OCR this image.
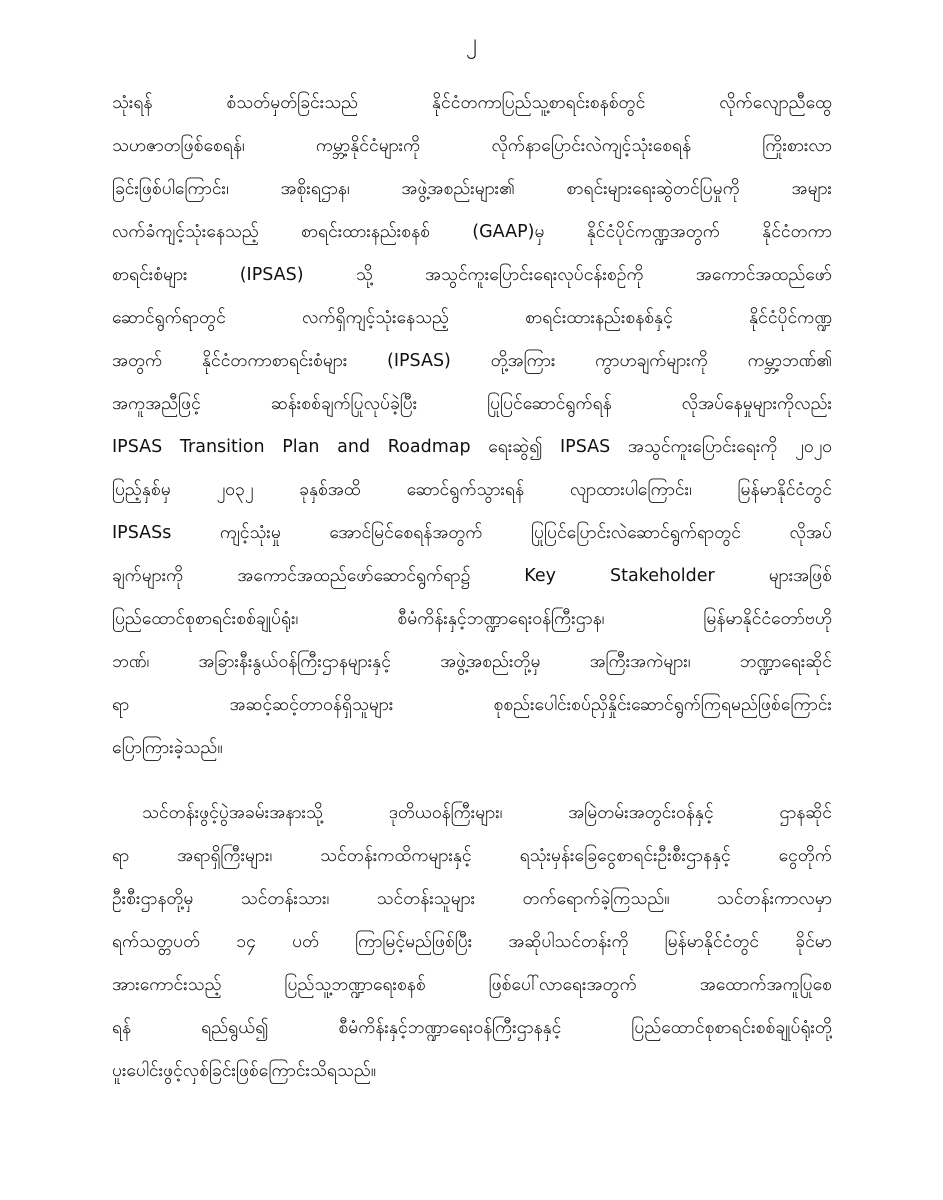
၂
သုံးရန် စံသတ်မှတ်ခြင်းသည် နိုင်ငံတကာပြည်သူ့စာရင်းစနစ်တွင် လိုက်လျောညီထွေ
သဟဇာတဖြစ်စေရန်၊ ကမ္ဘာ့နိုင်ငံများကို လိုက်နာပြောင်းလဲကျင့်သုံးစေရန် ကြိုးစားလာ
ခြင်းဖြစ်ပါကြောင်း၊ အစိုးရဌာန၊ အဖွဲ့အစည်းများ၏ စာရင်းများရေးဆွဲတင်ပြမှုကို အများ
လက်ခံကျင့်သုံးနေသည့် စာရင်းထားနည်းစနစ် (GAAP)မှ နိုင်ငံပိုင်ကဏ္ဍအတွက် နိုင်ငံတကာ
စာရင်းစံများ (IPSAS) သို့ အသွင်ကူးပြောင်းရေးလုပ်ငန်းစဉ်ကို အကောင်အထည်ဖော်
ဆောင်ရွက်ရာတွင် လက်ရှိကျင့်သုံးနေသည့် စာရင်းထားနည်းစနစ်နှင့် နိုင်ငံပိုင်ကဏ္ဍ
အတွက် နိုင်ငံတကာစာရင်းစံများ (IPSAS) တို့အကြား ကွာဟချက်များကို ကမ္ဘာ့ဘဏ်၏
အကူအညီဖြင့် ဆန်းစစ်ချက်ပြုလုပ်ခဲ့ပြီး ပြုပြင်ဆောင်ရွက်ရန် လိုအပ်နေမှုများကိုလည်း
IPSAS Transition Plan and Roadmap ရေးဆွဲ၍ IPSAS အသွင်ကူးပြောင်းရေးကို ၂၀၂၀
ပြည့်နှစ်မှ ၂၀၃၂ ခုနှစ်အထိ ဆောင်ရွက်သွားရန် လျာထားပါကြောင်း၊ မြန်မာနိုင်ငံတွင်
IPSASs ကျင့်သုံးမှု အောင်မြင်စေရန်အတွက် ပြုပြင်ပြောင်းလဲဆောင်ရွက်ရာတွင် လိုအပ်
ချက်များကို အကောင်အထည်ဖော်ဆောင်ရွက်ရာ၌ Key Stakeholder များအဖြစ်
ပြည်ထောင်စုစာရင်းစစ်ချုပ်ရုံး၊ စီမံကိန်းနှင့်ဘဏ္ဍာရေးဝန်ကြီးဌာန၊ မြန်မာနိုင်ငံတော်ဗဟို
ဘဏ်၊ အခြားနီးနွယ်ဝန်ကြီးဌာနများနှင့် အဖွဲ့အစည်းတို့မှ အကြီးအကဲများ၊ ဘဏ္ဍာရေးဆိုင်
ရာ အဆင့်ဆင့်တာဝန်ရှိသူများ စုစည်းပေါင်းစပ်ညှိနှိုင်းဆောင်ရွက်ကြရမည်ဖြစ်ကြောင်း
ပြောကြားခဲ့သည်။
သင်တန်းဖွင့်ပွဲအခမ်းအနားသို့ ဒုတိယဝန်ကြီးများ၊ အမြဲတမ်းအတွင်းဝန်နှင့် ဌာနဆိုင်
ရာ အရာရှိကြီးများ၊ သင်တန်းကထိကများနှင့် ရသုံးမှန်းခြေငွေစာရင်းဦးစီးဌာနနှင့် ငွေတိုက်
ဦးစီးဌာနတို့မှ သင်တန်းသား၊ သင်တန်းသူများ တက်ရောက်ခဲ့ကြသည်။ သင်တန်းကာလမှာ
ရက်သတ္တပတ် ၁၄ ပတ် ကြာမြင့်မည်ဖြစ်ပြီး အဆိုပါသင်တန်းကို မြန်မာနိုင်ငံတွင် ခိုင်မာ
အားကောင်းသည့် ပြည်သူ့ဘဏ္ဍာရေးစနစ် ဖြစ်ပေါ်လာရေးအတွက် အထောက်အကူပြုစေ
ရန် ရည်ရွယ်၍ စီမံကိန်းနှင့်ဘဏ္ဍာရေးဝန်ကြီးဌာနနှင့် ပြည်ထောင်စုစာရင်းစစ်ချုပ်ရုံးတို့
ပူးပေါင်းဖွင့်လှစ်ခြင်းဖြစ်ကြောင်းသိရသည်။
